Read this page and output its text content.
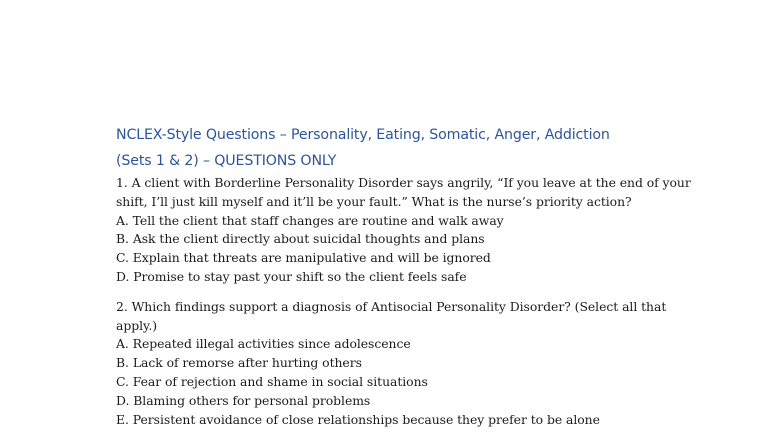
NCLEX-Style Questions – Personality, Eating, Somatic, Anger, Addiction
(Sets 1 & 2) – QUESTIONS ONLY
1. A client with Borderline Personality Disorder says angrily, “If you leave at the end of your
shift, I’ll just kill myself and it’ll be your fault.” What is the nurse’s priority action?
A. Tell the client that staff changes are routine and walk away
B. Ask the client directly about suicidal thoughts and plans
C. Explain that threats are manipulative and will be ignored
D. Promise to stay past your shift so the client feels safe
2. Which findings support a diagnosis of Antisocial Personality Disorder? (Select all that
apply.)
A. Repeated illegal activities since adolescence
B. Lack of remorse after hurting others
C. Fear of rejection and shame in social situations
D. Blaming others for personal problems
E. Persistent avoidance of close relationships because they prefer to be alone
